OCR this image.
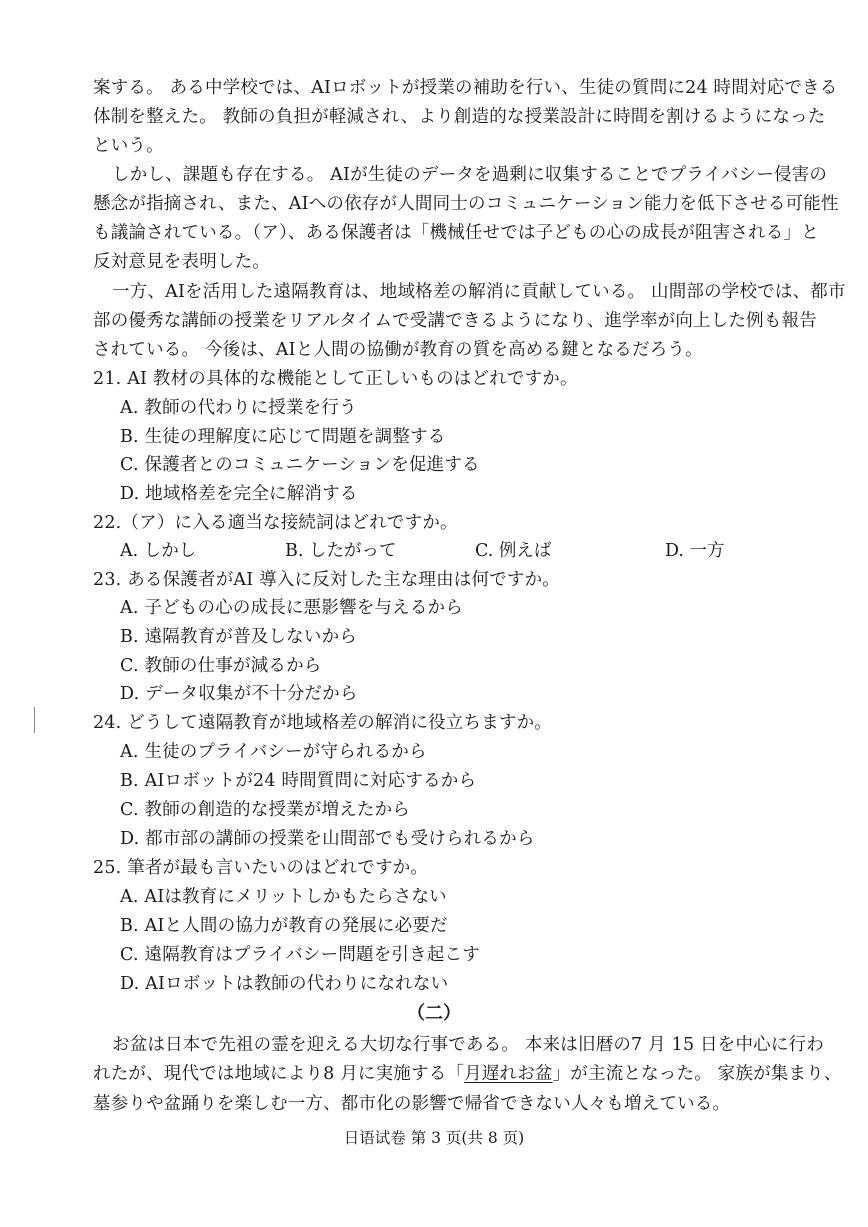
案する。 ある中学校では、AIロボットが授業の補助を行い、生徒の質問に24 時間対応できる
体制を整えた。 教師の負担が軽減され、より創造的な授業設計に時間を割けるようになった
という。
しかし、課題も存在する。 AIが生徒のデータを過剰に収集することでプライバシー侵害の
懸念が指摘され、また、AIへの依存が人間同士のコミュニケーション能力を低下させる可能性
も議論されている。（ア）、ある保護者は「機械任せでは子どもの心の成長が阻害される」と
反対意見を表明した。
一方、AIを活用した遠隔教育は、地域格差の解消に貢献している。 山間部の学校では、都市
部の優秀な講師の授業をリアルタイムで受講できるようになり、進学率が向上した例も報告
されている。 今後は、AIと人間の協働が教育の質を高める鍵となるだろう。
21. AI 教材の具体的な機能として正しいものはどれですか。
A. 教師の代わりに授業を行う
B. 生徒の理解度に応じて問題を調整する
C. 保護者とのコミュニケーションを促進する
D. 地域格差を完全に解消する
22.（ア）に入る適当な接続詞はどれですか。
A. しかし	B. したがって	C. 例えば	D. 一方
23. ある保護者がAI 導入に反対した主な理由は何ですか。
A. 子どもの心の成長に悪影響を与えるから
B. 遠隔教育が普及しないから
C. 教師の仕事が減るから
D. データ収集が不十分だから
24. どうして遠隔教育が地域格差の解消に役立ちますか。
A. 生徒のプライバシーが守られるから
B. AIロボットが24 時間質問に対応するから
C. 教師の創造的な授業が増えたから
D. 都市部の講師の授業を山間部でも受けられるから
25. 筆者が最も言いたいのはどれですか。
A. AIは教育にメリットしかもたらさない
B. AIと人間の協力が教育の発展に必要だ
C. 遠隔教育はプライバシー問題を引き起こす
D. AIロボットは教師の代わりになれない
（二）
お盆は日本で先祖の霊を迎える大切な行事である。 本来は旧暦の7 月 15 日を中心に行わ
れたが、現代では地域により8 月に実施する「月遅れお盆」が主流となった。 家族が集まり、
墓参りや盆踊りを楽しむ一方、都市化の影響で帰省できない人々も増えている。
日语试卷 第 3 页(共 8 页)
